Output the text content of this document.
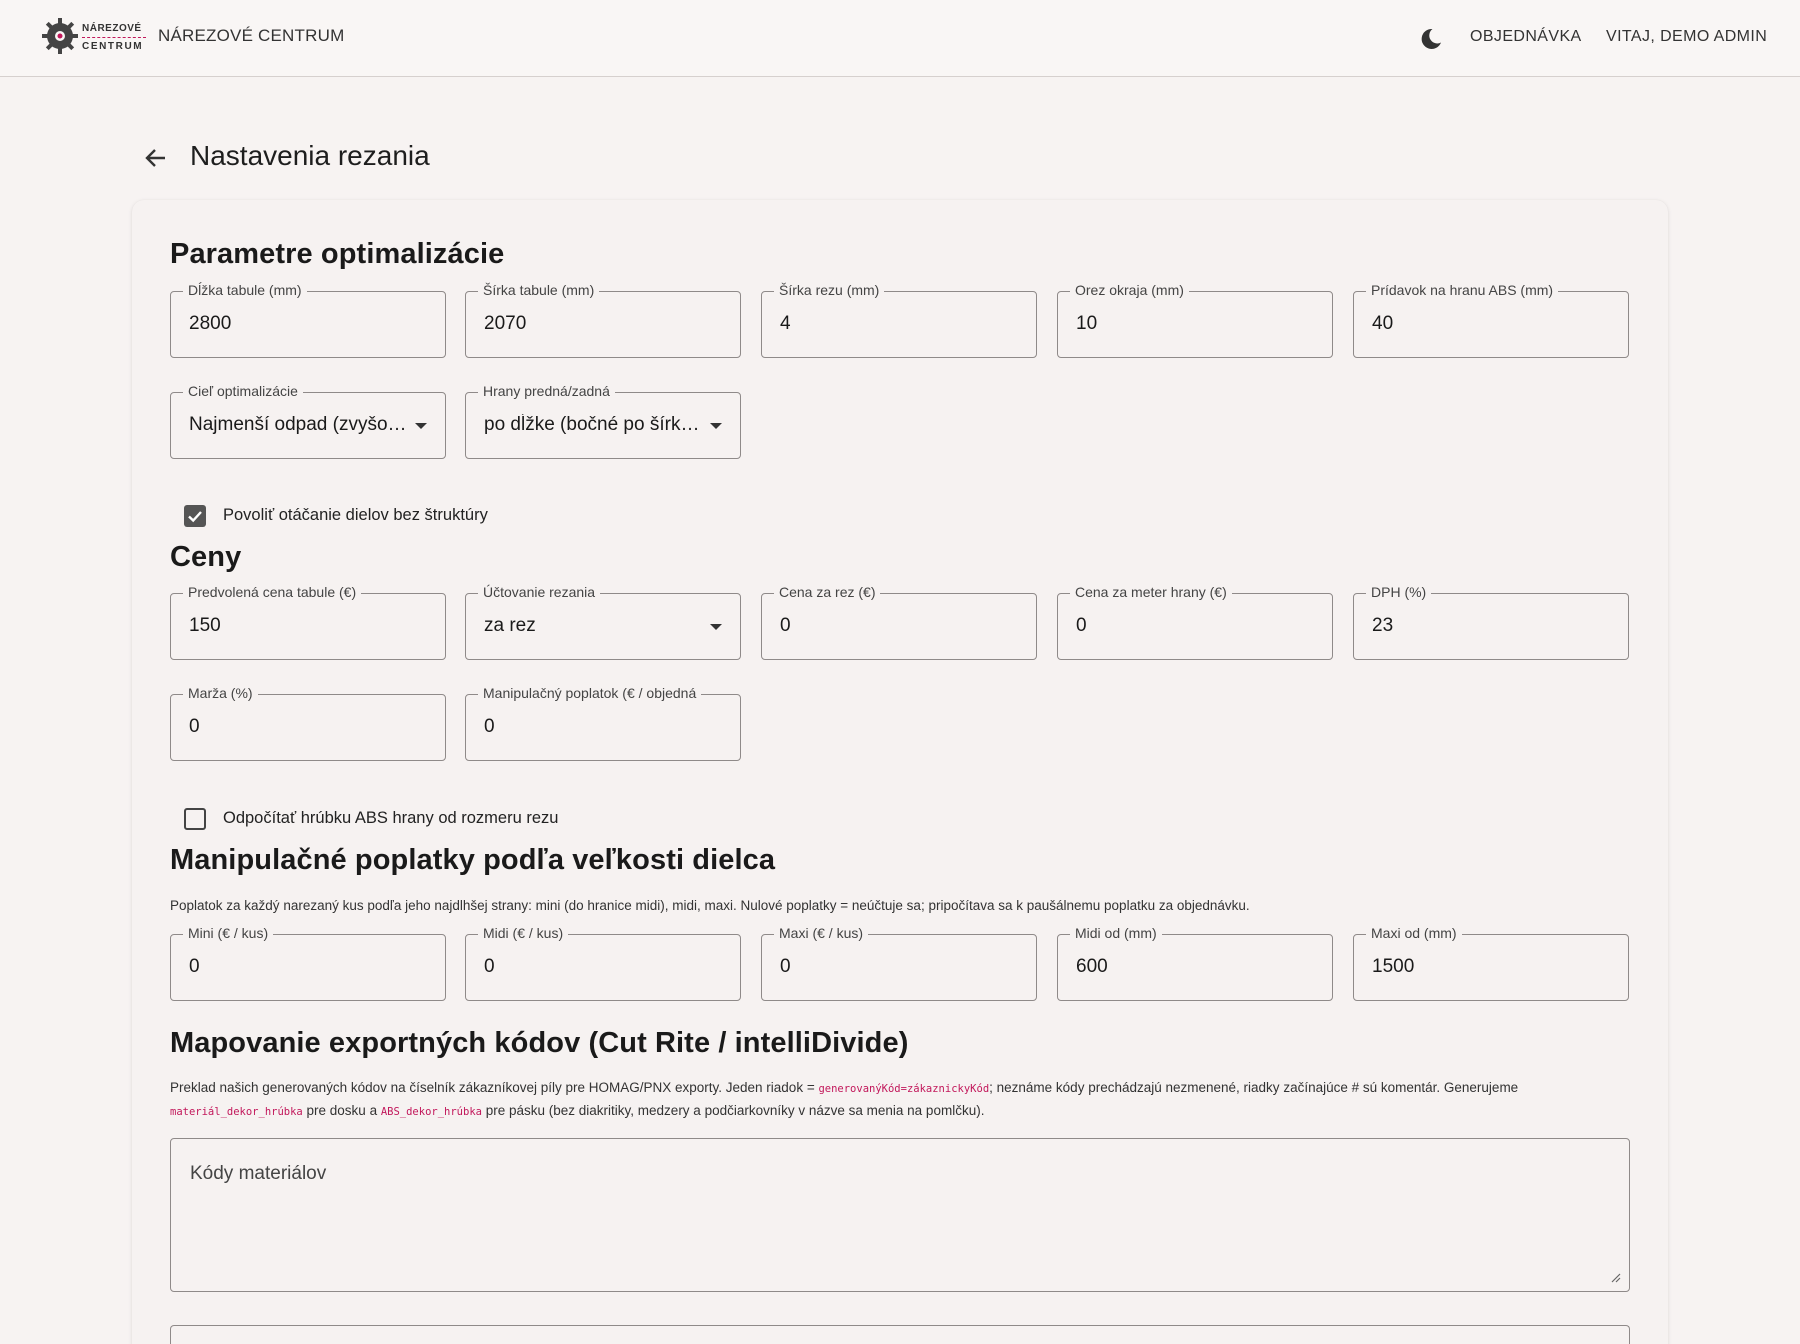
NÁREZOVÉ
CENTRUM
NÁREZOVÉ CENTRUM	OBJEDNÁVKA VITAJ, DEMO ADMIN
Nastavenia rezania
Parametre optimalizácie
Dĺžka tabule (mm)
2800
Šírka tabule (mm)
2070
Šírka rezu (mm)
4
Orez okraja (mm)
10
Prídavok na hranu ABS (mm)
40
Cieľ optimalizácie
Najmenší odpad (zvyšo…
Hrany predná/zadná
po dĺžke (bočné po šírk…
Povoliť otáčanie dielov bez štruktúry
Ceny
Predvolená cena tabule (€)
150
Účtovanie rezania
za rez
Cena za rez (€)
0
Cena za meter hrany (€)
0
DPH (%)
23
Marža (%)
0
Manipulačný poplatok (€ / objedná
0
Odpočítať hrúbku ABS hrany od rozmeru rezu
Manipulačné poplatky podľa veľkosti dielca

Poplatok za každý narezaný kus podľa jeho najdlhšej strany: mini (do hranice midi), midi, maxi. Nulové poplatky = neúčtuje sa; pripočítava sa k paušálnemu poplatku za objednávku.

Mini (€ / kus)
0
Midi (€ / kus)
0
Maxi (€ / kus)
0
Midi od (mm)
600
Maxi od (mm)
1500
Mapovanie exportných kódov (Cut Rite / intelliDivide)

Preklad našich generovaných kódov na číselník zákazníkovej píly pre HOMAG/PNX exporty. Jeden riadok = generovanýKód=zákaznickyKód; neznáme kódy prechádzajú nezmenené, riadky začínajúce # sú komentár. Generujeme
materiál_dekor_hrúbka pre dosku a ABS_dekor_hrúbka pre pásku (bez diakritiky, medzery a podčiarkovníky v názve sa menia na pomlčku).

Kódy materiálov
